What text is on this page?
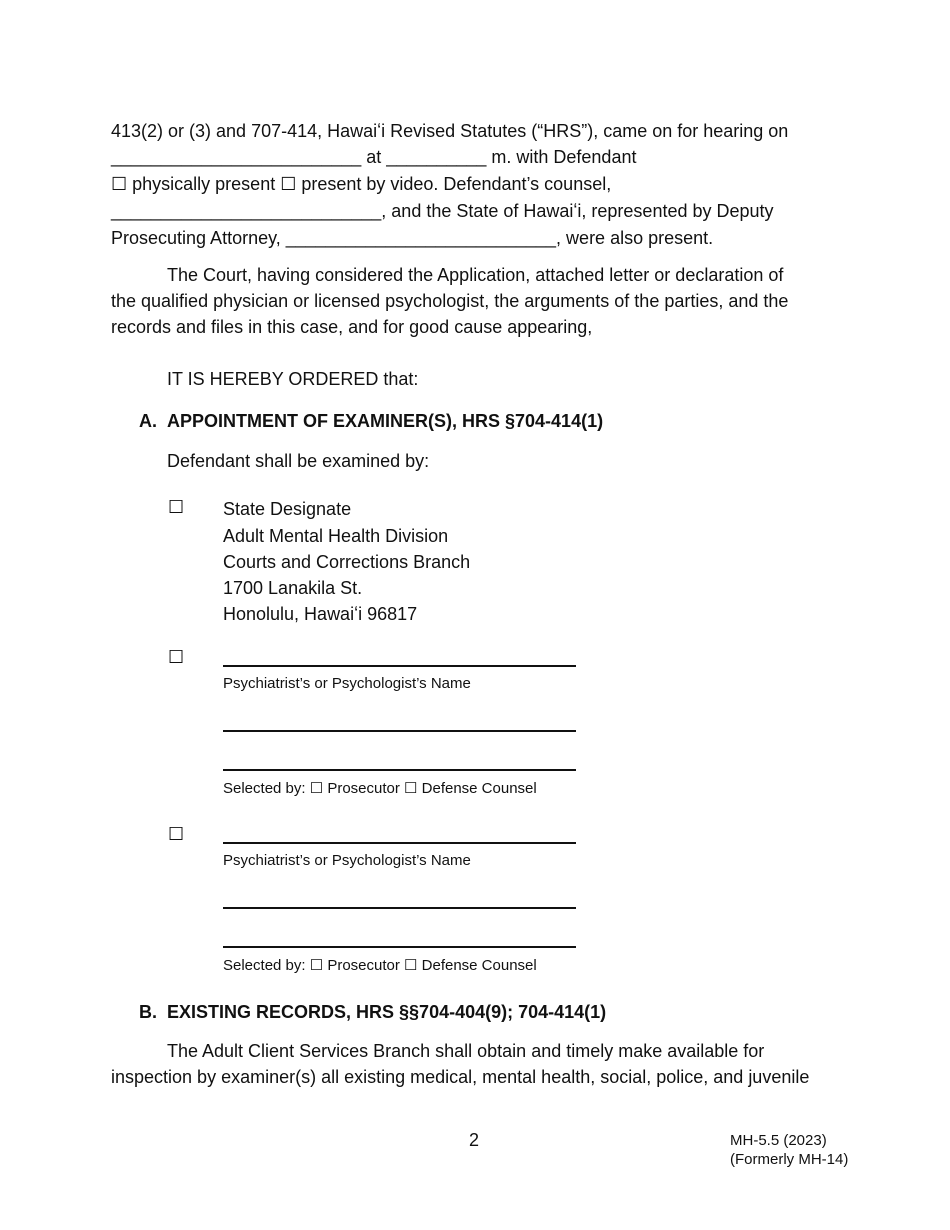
413(2) or (3) and 707-414, Hawaiʻi Revised Statutes (“HRS”), came on for hearing on
_________________________ at __________ m. with Defendant
☐ physically present ☐ present by video. Defendant’s counsel,
___________________________, and the State of Hawaiʻi, represented by Deputy
Prosecuting Attorney, ___________________________, were also present.
The Court, having considered the Application, attached letter or declaration of
the qualified physician or licensed psychologist, the arguments of the parties, and the
records and files in this case, and for good cause appearing,
IT IS HEREBY ORDERED that:
A. APPOINTMENT OF EXAMINER(S), HRS §704-414(1)
Defendant shall be examined by:
☐ State Designate
Adult Mental Health Division
Courts and Corrections Branch
1700 Lanakila St.
Honolulu, Hawaiʻi 96817
☐
Psychiatrist’s or Psychologist’s Name
Selected by: ☐ Prosecutor ☐ Defense Counsel
☐
Psychiatrist’s or Psychologist’s Name
Selected by: ☐ Prosecutor ☐ Defense Counsel
B. EXISTING RECORDS, HRS §§704-404(9); 704-414(1)
The Adult Client Services Branch shall obtain and timely make available for
inspection by examiner(s) all existing medical, mental health, social, police, and juvenile
2	MH-5.5 (2023)
(Formerly MH-14)
